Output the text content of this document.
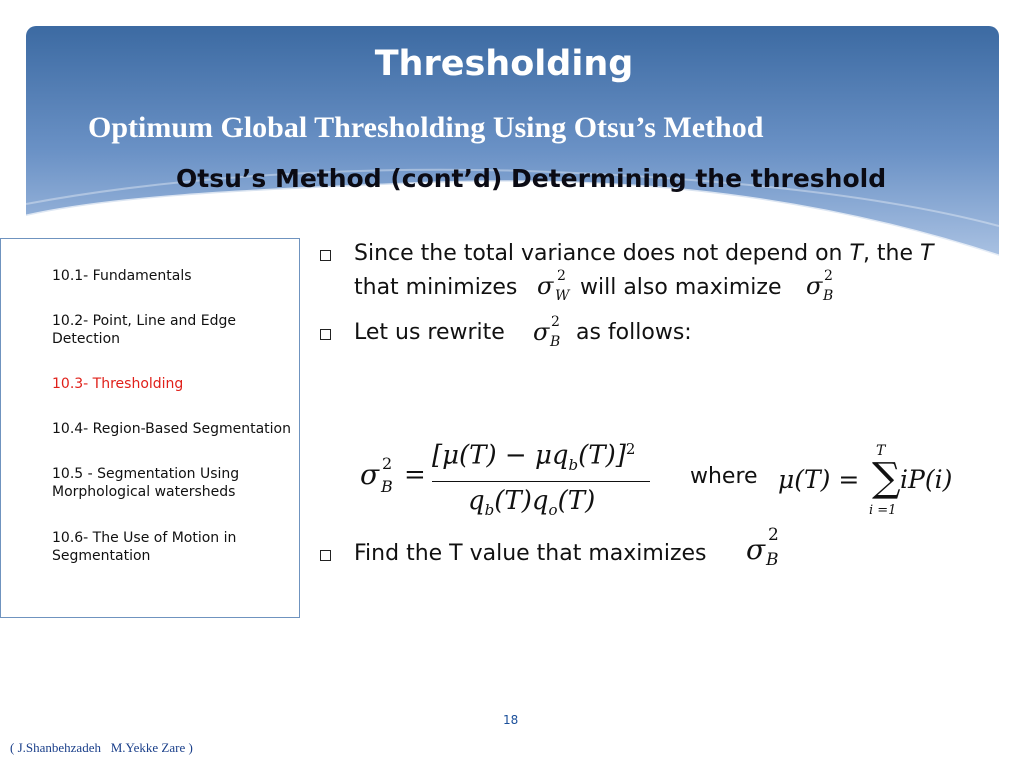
Thresholding
Optimum Global Thresholding Using Otsu’s Method
Otsu’s Method (cont’d) Determining the threshold
10.1- Fundamentals
10.2- Point, Line and Edge Detection
10.3- Thresholding
10.4- Region-Based Segmentation
10.5 - Segmentation Using Morphological watersheds
10.6- The Use of Motion in Segmentation
Since the total variance does not depend on T, the T
that minimizes	will also maximize
σ 2
W	σ 2
B
Let us rewrite	as follows:
σ 2
B
σ 2
B =
$[\mu(T) - \mu q_b(T)]^2$
$q_b(T)q_o(T)$
where μ(T) = ∑
T
i =1
iP(i)
Find the T value that maximizes σ 2
B
18
( J.Shanbehzadeh   M.Yekke Zare )
